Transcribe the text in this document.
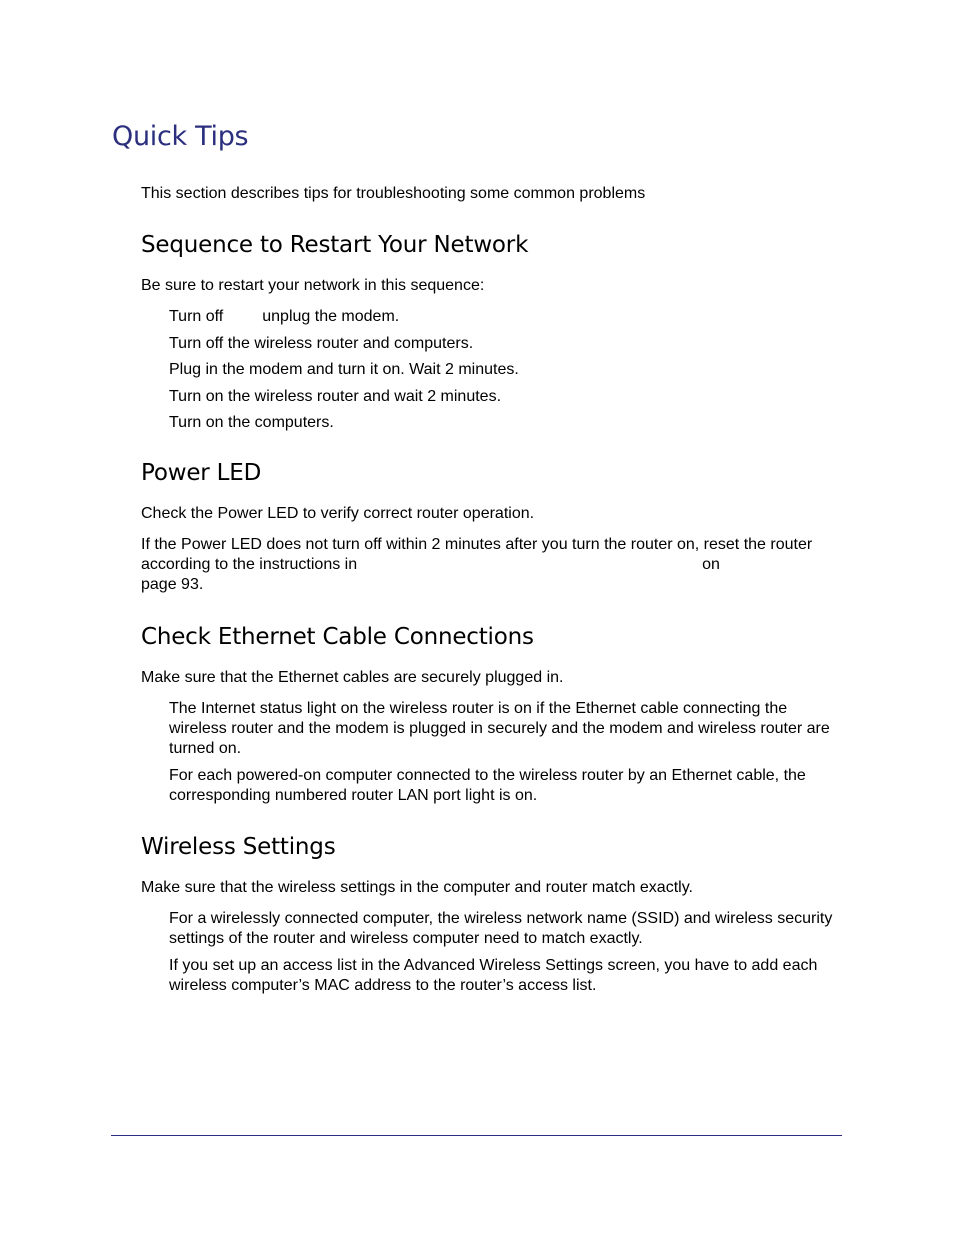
Quick Tips

This section describes tips for troubleshooting some common problems

Sequence to Restart Your Network

Be sure to restart your network in this sequence:

Turn off unplug the modem.

Turn off the wireless router and computers.

Plug in the modem and turn it on. Wait 2 minutes.

Turn on the wireless router and wait 2 minutes.

Turn on the computers.

Power LED

Check the Power LED to verify correct router operation.

If the Power LED does not turn off within 2 minutes after you turn the router on, reset the router according to the instructions in	on
page 93.

Check Ethernet Cable Connections

Make sure that the Ethernet cables are securely plugged in.

The Internet status light on the wireless router is on if the Ethernet cable connecting the wireless router and the modem is plugged in securely and the modem and wireless router are turned on.

For each powered-on computer connected to the wireless router by an Ethernet cable, the corresponding numbered router LAN port light is on.

Wireless Settings

Make sure that the wireless settings in the computer and router match exactly.

For a wirelessly connected computer, the wireless network name (SSID) and wireless security settings of the router and wireless computer need to match exactly.

If you set up an access list in the Advanced Wireless Settings screen, you have to add each wireless computer’s MAC address to the router’s access list.
